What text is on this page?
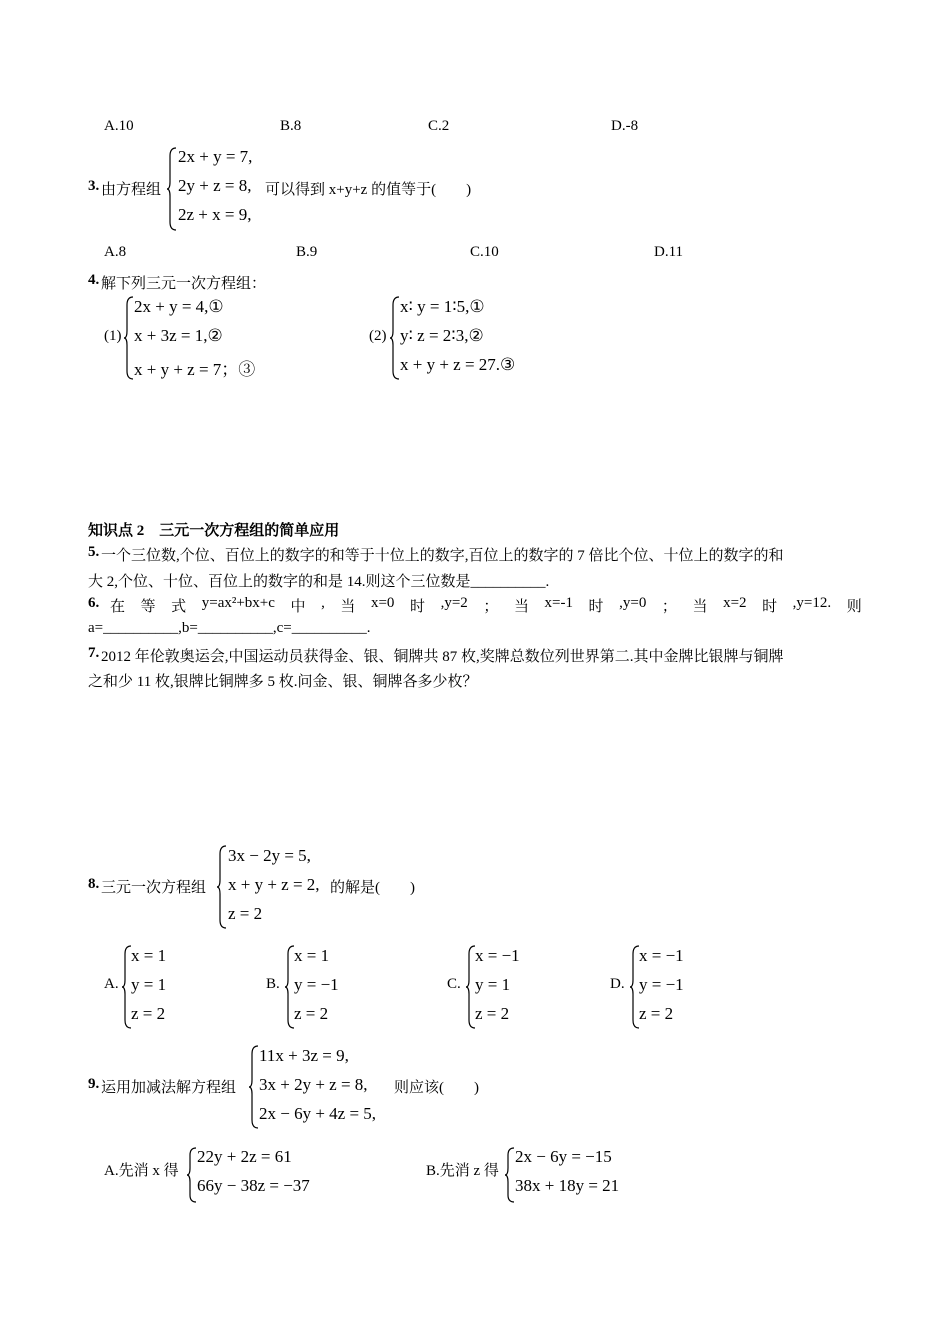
A.10	B.8	C.2	D.-8
3. 由方程组
2x + y = 7,
2y + z = 8,
2z + x = 9,
可以得到 x+y+z 的值等于(　　)
A.8	B.9	C.10	D.11
4. 解下列三元一次方程组：
(1)
2x + y = 4,①
x + 3z = 1,②
x + y + z = 7；③
(2)
x∶ y = 1∶5,①
y∶ z = 2∶3,②
x + y + z = 27.③
知识点 2　三元一次方程组的简单应用
5. 一个三位数,个位、百位上的数字的和等于十位上的数字,百位上的数字的 7 倍比个位、十位上的数字的和
大 2,个位、十位、百位上的数字的和是 14.则这个三位数是__________.
6. 在 等 式 y=ax²+bx+c 中 , 当 x=0 时 ,y=2 ； 当 x=-1 时 ,y=0 ； 当 x=2 时 ,y=12. 则
a=__________,b=__________,c=__________.
7. 2012 年伦敦奥运会,中国运动员获得金、银、铜牌共 87 枚,奖牌总数位列世界第二.其中金牌比银牌与铜牌
之和少 11 枚,银牌比铜牌多 5 枚.问金、银、铜牌各多少枚？
8. 三元一次方程组
3x − 2y = 5,
x + y + z = 2,
z = 2
的解是(　　)
A.
x = 1
y = 1
z = 2
B.
x = 1
y = −1
z = 2
C.
x = −1
y = 1
z = 2
D.
x = −1
y = −1
z = 2
9. 运用加减法解方程组
11x + 3z = 9,
3x + 2y + z = 8,
2x − 6y + 4z = 5,
则应该(　　)
A.先消 x 得
22y + 2z = 61
66y − 38z = −37
B.先消 z 得
2x − 6y = −15
38x + 18y = 21
